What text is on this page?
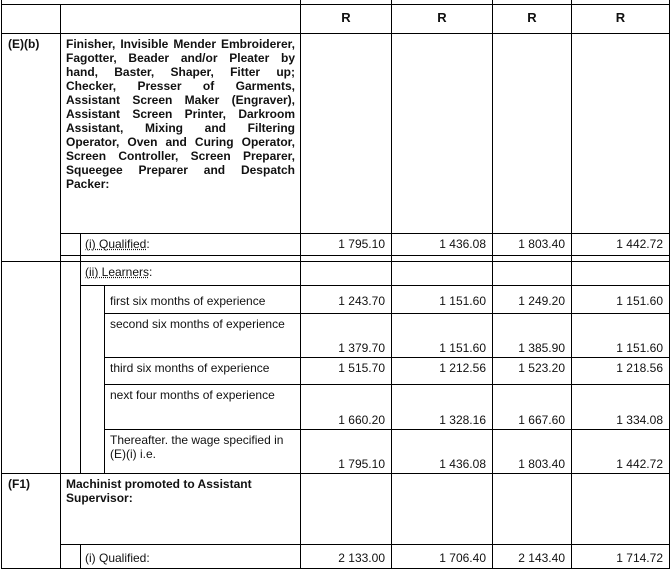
				R	R	R	R
(E)(b)	Finisher, Invisible Mender Embroiderer, Fagotter, Beader and/or Pleater by hand, Baster, Shaper, Fitter up; Checker, Presser of Garments, Assistant Screen Maker (Engraver), Assistant Screen Printer, Darkroom Assistant, Mixing and Filtering Operator, Oven and Curing Operator, Screen Controller, Screen Preparer, Squeegee Preparer and Despatch Packer:						
		(i) Qualified:		1 795.10	1 436.08	1 803.40	1 442.72

		(ii) Learners:					
			first six months of experience	1 243.70	1 151.60	1 249.20	1 151.60
			second six months of experience	1 379.70	1 151.60	1 385.90	1 151.60
			third six months of experience	1 515.70	1 212.56	1 523.20	1 218.56
			next four months of experience	1 660.20	1 328.16	1 667.60	1 334.08
			Thereafter. the wage specified in (E)(i) i.e.	1 795.10	1 436.08	1 803.40	1 442.72
(F1)	Machinist promoted to Assistant Supervisor:						
		(i) Qualified:		2 133.00	1 706.40	2 143.40	1 714.72
